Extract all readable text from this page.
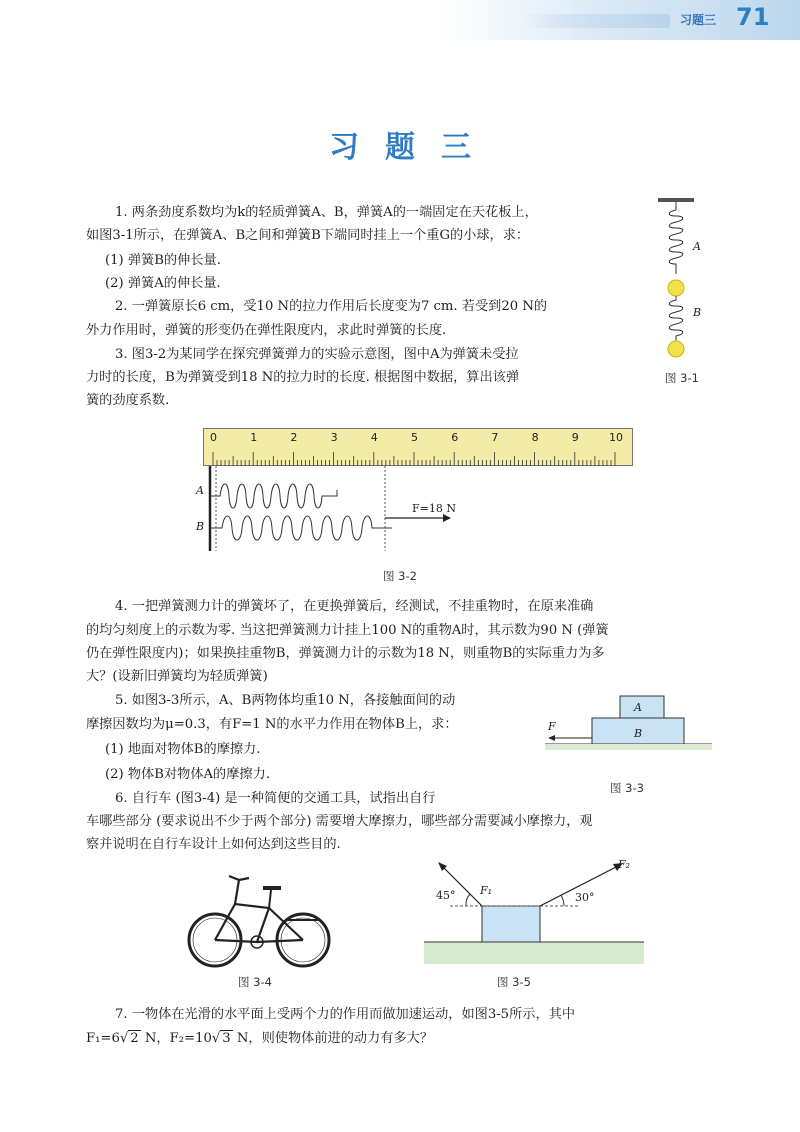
习题三 71
习题三
1. 两条劲度系数均为k的轻质弹簧A、B，弹簧A的一端固定在天花板上，
如图3-1所示，在弹簧A、B之间和弹簧B下端同时挂上一个重G的小球，求：
(1) 弹簧B的伸长量.
(2) 弹簧A的伸长量.
2. 一弹簧原长6 cm，受10 N的拉力作用后长度变为7 cm. 若受到20 N的
外力作用时，弹簧的形变仍在弹性限度内，求此时弹簧的长度.
3. 图3-2为某同学在探究弹簧弹力的实验示意图，图中A为弹簧未受拉
力时的长度，B为弹簧受到18 N的拉力时的长度. 根据图中数据，算出该弹
簧的劲度系数.
A
B
图 3-1
0	1	2	3	4	5	6	7	8	9	10
A
B
F=18 N
图 3-2
4. 一把弹簧测力计的弹簧坏了，在更换弹簧后，经测试，不挂重物时，在原来准确
的均匀刻度上的示数为零. 当这把弹簧测力计挂上100 N的重物A时，其示数为90 N (弹簧
仍在弹性限度内)；如果换挂重物B，弹簧测力计的示数为18 N，则重物B的实际重力为多
大？(设新旧弹簧均为轻质弹簧)
5. 如图3-3所示，A、B两物体均重10 N，各接触面间的动
摩擦因数均为μ=0.3，有F=1 N的水平力作用在物体B上，求：
(1) 地面对物体B的摩擦力.
(2) 物体B对物体A的摩擦力.
A
B
F
图 3-3
6. 自行车 (图3-4) 是一种简便的交通工具，试指出自行
车哪些部分 (要求说出不少于两个部分) 需要增大摩擦力，哪些部分需要减小摩擦力，观
察并说明在自行车设计上如何达到这些目的.
图 3-4
45°	30°
F₁
F₂
图 3-5
7. 一物体在光滑的水平面上受两个力的作用而做加速运动，如图3-5所示，其中
F₁=6√ 2 N，F₂=10√ 3 N，则使物体前进的动力有多大？
